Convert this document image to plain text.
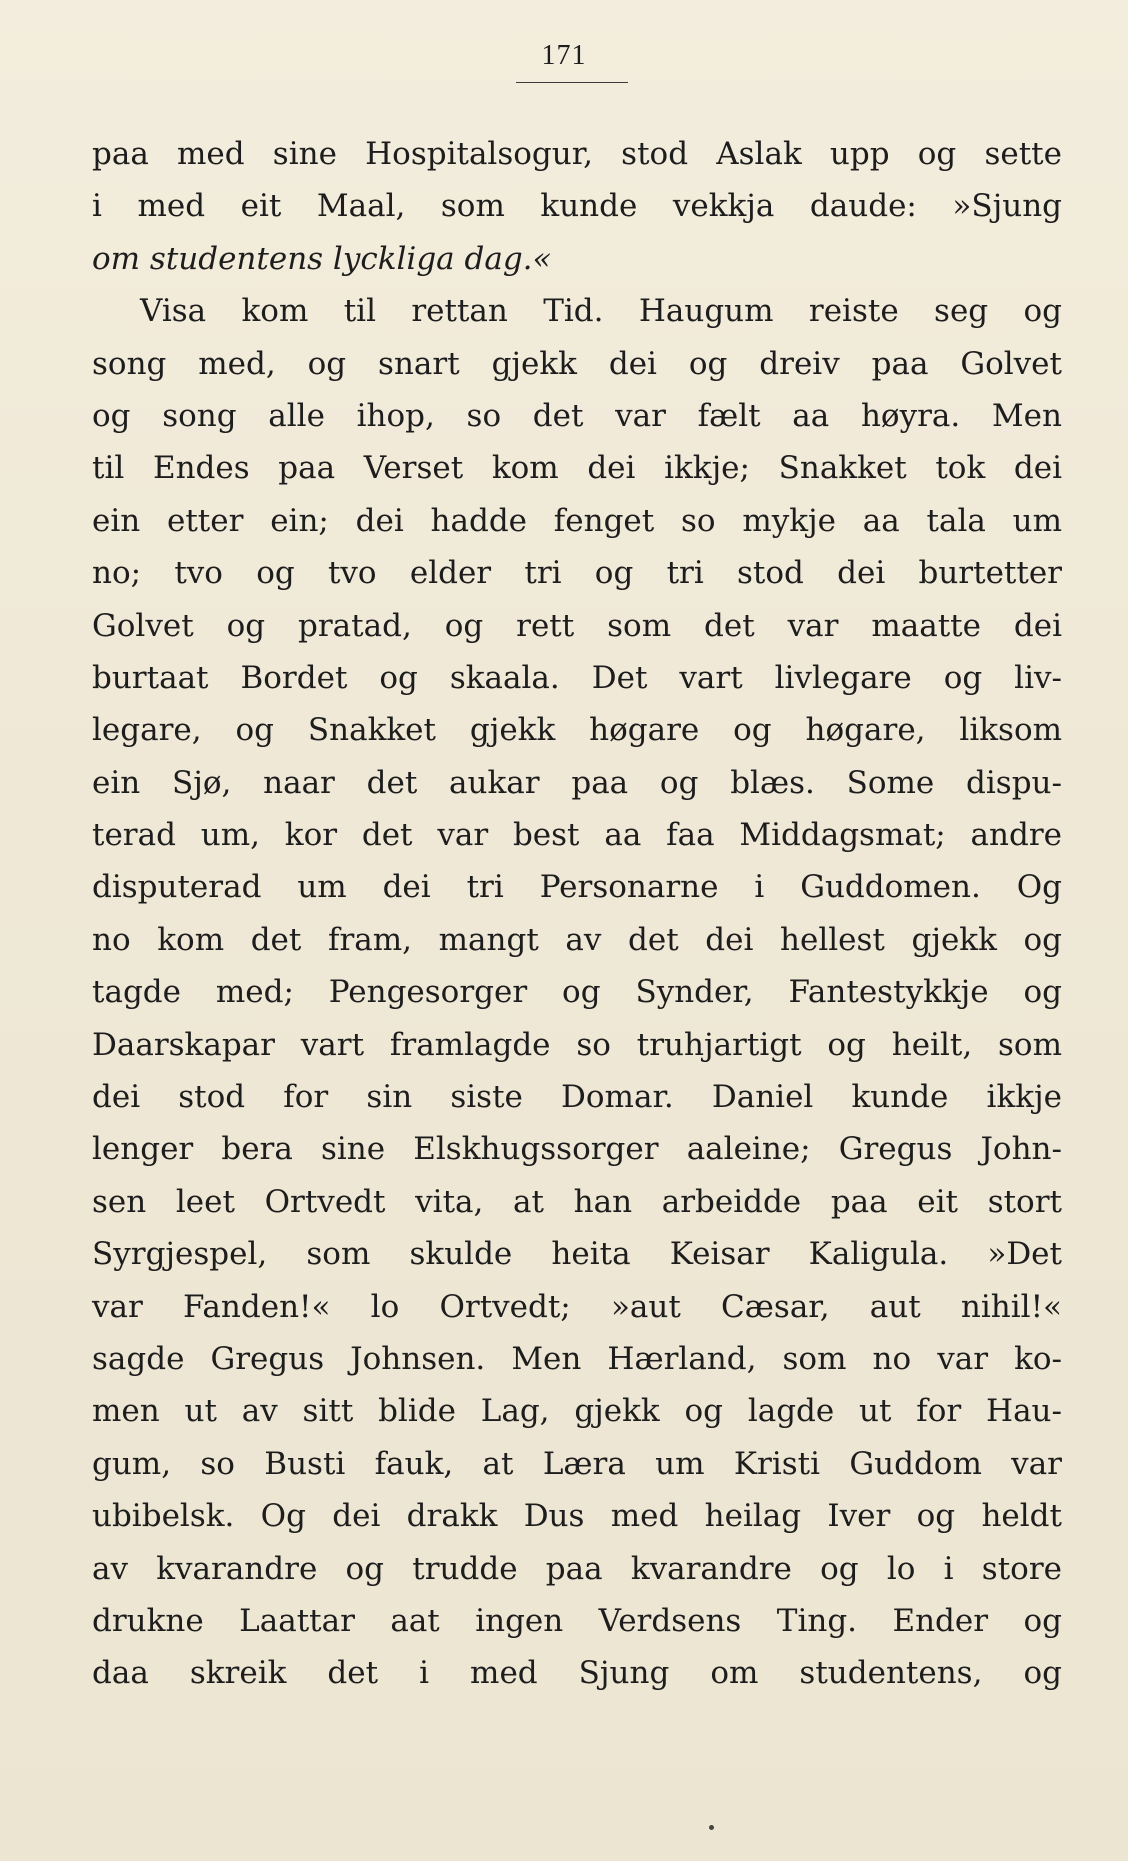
171
paa med sine Hospitalsogur, stod Aslak upp og sette
i med eit Maal, som kunde vekkja daude: »Sjung
om studentens lyckliga dag.«
Visa kom til rettan Tid. Haugum reiste seg og
song med, og snart gjekk dei og dreiv paa Golvet
og song alle ihop, so det var fælt aa høyra. Men
til Endes paa Verset kom dei ikkje; Snakket tok dei
ein etter ein; dei hadde fenget so mykje aa tala um
no; tvo og tvo elder tri og tri stod dei burtetter
Golvet og pratad, og rett som det var maatte dei
burtaat Bordet og skaala. Det vart livlegare og liv-
legare, og Snakket gjekk høgare og høgare, liksom
ein Sjø, naar det aukar paa og blæs. Some dispu-
terad um, kor det var best aa faa Middagsmat; andre
disputerad um dei tri Personarne i Guddomen. Og
no kom det fram, mangt av det dei hellest gjekk og
tagde med; Pengesorger og Synder, Fantestykkje og
Daarskapar vart framlagde so truhjartigt og heilt, som
dei stod for sin siste Domar. Daniel kunde ikkje
lenger bera sine Elskhugssorger aaleine; Gregus John-
sen leet Ortvedt vita, at han arbeidde paa eit stort
Syrgjespel, som skulde heita Keisar Kaligula. »Det
var Fanden!« lo Ortvedt; »aut Cæsar, aut nihil!«
sagde Gregus Johnsen. Men Hærland, som no var ko-
men ut av sitt blide Lag, gjekk og lagde ut for Hau-
gum, so Busti fauk, at Læra um Kristi Guddom var
ubibelsk. Og dei drakk Dus med heilag Iver og heldt
av kvarandre og trudde paa kvarandre og lo i store
drukne Laattar aat ingen Verdsens Ting. Ender og
daa skreik det i med Sjung om studentens, og
